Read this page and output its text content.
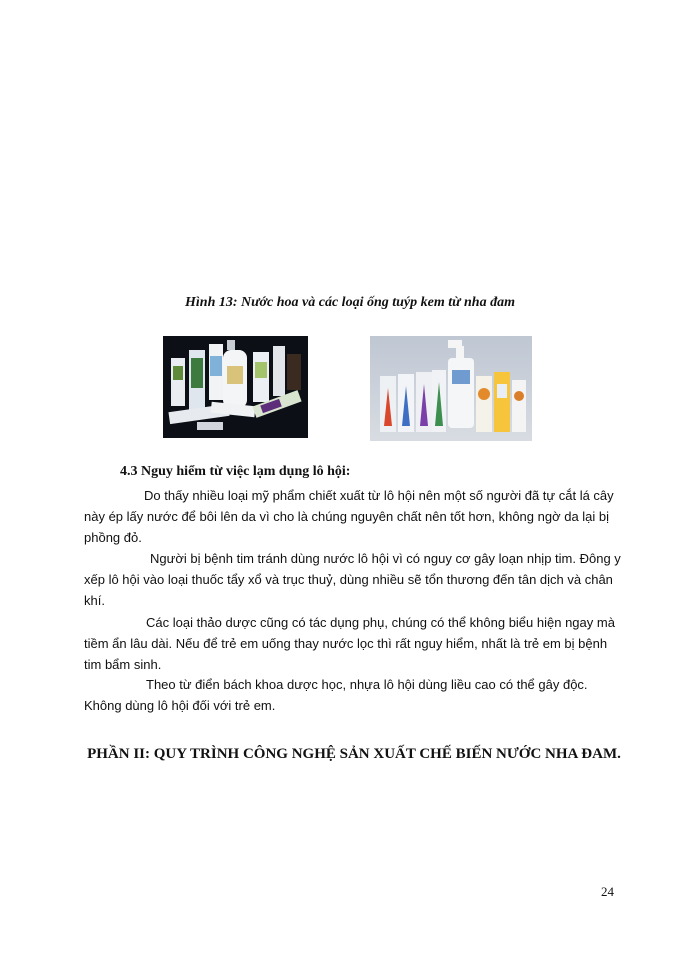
Hình 13: Nước hoa và các loại ống tuýp kem từ nha đam
4.3 Nguy hiểm từ việc lạm dụng lô hội:
Do thấy nhiều loại mỹ phẩm chiết xuất từ lô hội nên một số người đã tự cắt lá cây này ép lấy nước để bôi lên da vì cho là chúng nguyên chất nên tốt hơn, không ngờ da lại bị phồng đỏ.
Người bị bệnh tim tránh dùng nước lô hội vì có nguy cơ gây loạn nhịp tim. Đông y xếp lô hội vào loại thuốc tẩy xổ và trục thuỷ, dùng nhiều sẽ tổn thương đến tân dịch và chân khí.
Các loại thảo dược cũng có tác dụng phụ, chúng có thể không biểu hiện ngay mà tiềm ẩn lâu dài. Nếu để trẻ em uống thay nước lọc thì rất nguy hiểm, nhất là trẻ em bị bệnh tim bẩm sinh.
Theo từ điển bách khoa dược học, nhựa lô hội dùng liều cao có thể gây độc. Không dùng lô hội đối với trẻ em.
PHẦN II: QUY TRÌNH CÔNG NGHỆ SẢN XUẤT CHẾ BIẾN NƯỚC NHA ĐAM.
24
